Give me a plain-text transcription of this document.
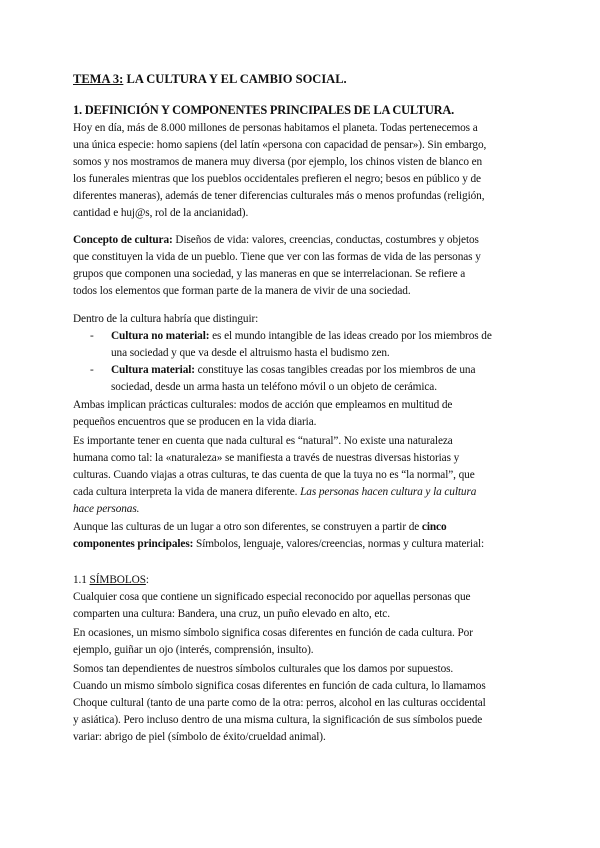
TEMA 3: LA CULTURA Y EL CAMBIO SOCIAL.
1. DEFINICIÓN Y COMPONENTES PRINCIPALES DE LA CULTURA.

Hoy en día, más de 8.000 millones de personas habitamos el planeta. Todas pertenecemos a

una única especie: homo sapiens (del latín «persona con capacidad de pensar»). Sin embargo,

somos y nos mostramos de manera muy diversa (por ejemplo, los chinos visten de blanco en

los funerales mientras que los pueblos occidentales prefieren el negro; besos en público y de

diferentes maneras), además de tener diferencias culturales más o menos profundas (religión,

cantidad e huj@s, rol de la ancianidad).

Concepto de cultura: Diseños de vida: valores, creencias, conductas, costumbres y objetos

que constituyen la vida de un pueblo. Tiene que ver con las formas de vida de las personas y

grupos que componen una sociedad, y las maneras en que se interrelacionan. Se refiere a

todos los elementos que forman parte de la manera de vivir de una sociedad.

Dentro de la cultura habría que distinguir:

- Cultura no material: es el mundo intangible de las ideas creado por los miembros de

una sociedad y que va desde el altruismo hasta el budismo zen.

- Cultura material: constituye las cosas tangibles creadas por los miembros de una

sociedad, desde un arma hasta un teléfono móvil o un objeto de cerámica.

Ambas implican prácticas culturales: modos de acción que empleamos en multitud de

pequeños encuentros que se producen en la vida diaria.

Es importante tener en cuenta que nada cultural es “natural”. No existe una naturaleza

humana como tal: la «naturaleza» se manifiesta a través de nuestras diversas historias y

culturas. Cuando viajas a otras culturas, te das cuenta de que la tuya no es “la normal”, que

cada cultura interpreta la vida de manera diferente. Las personas hacen cultura y la cultura

hace personas.

Aunque las culturas de un lugar a otro son diferentes, se construyen a partir de cinco

componentes principales: Símbolos, lenguaje, valores/creencias, normas y cultura material:

1.1 SÍMBOLOS:

Cualquier cosa que contiene un significado especial reconocido por aquellas personas que

comparten una cultura: Bandera, una cruz, un puño elevado en alto, etc.

En ocasiones, un mismo símbolo significa cosas diferentes en función de cada cultura. Por

ejemplo, guiñar un ojo (interés, comprensión, insulto).

Somos tan dependientes de nuestros símbolos culturales que los damos por supuestos.

Cuando un mismo símbolo significa cosas diferentes en función de cada cultura, lo llamamos

Choque cultural (tanto de una parte como de la otra: perros, alcohol en las culturas occidental

y asiática). Pero incluso dentro de una misma cultura, la significación de sus símbolos puede

variar: abrigo de piel (símbolo de éxito/crueldad animal).
